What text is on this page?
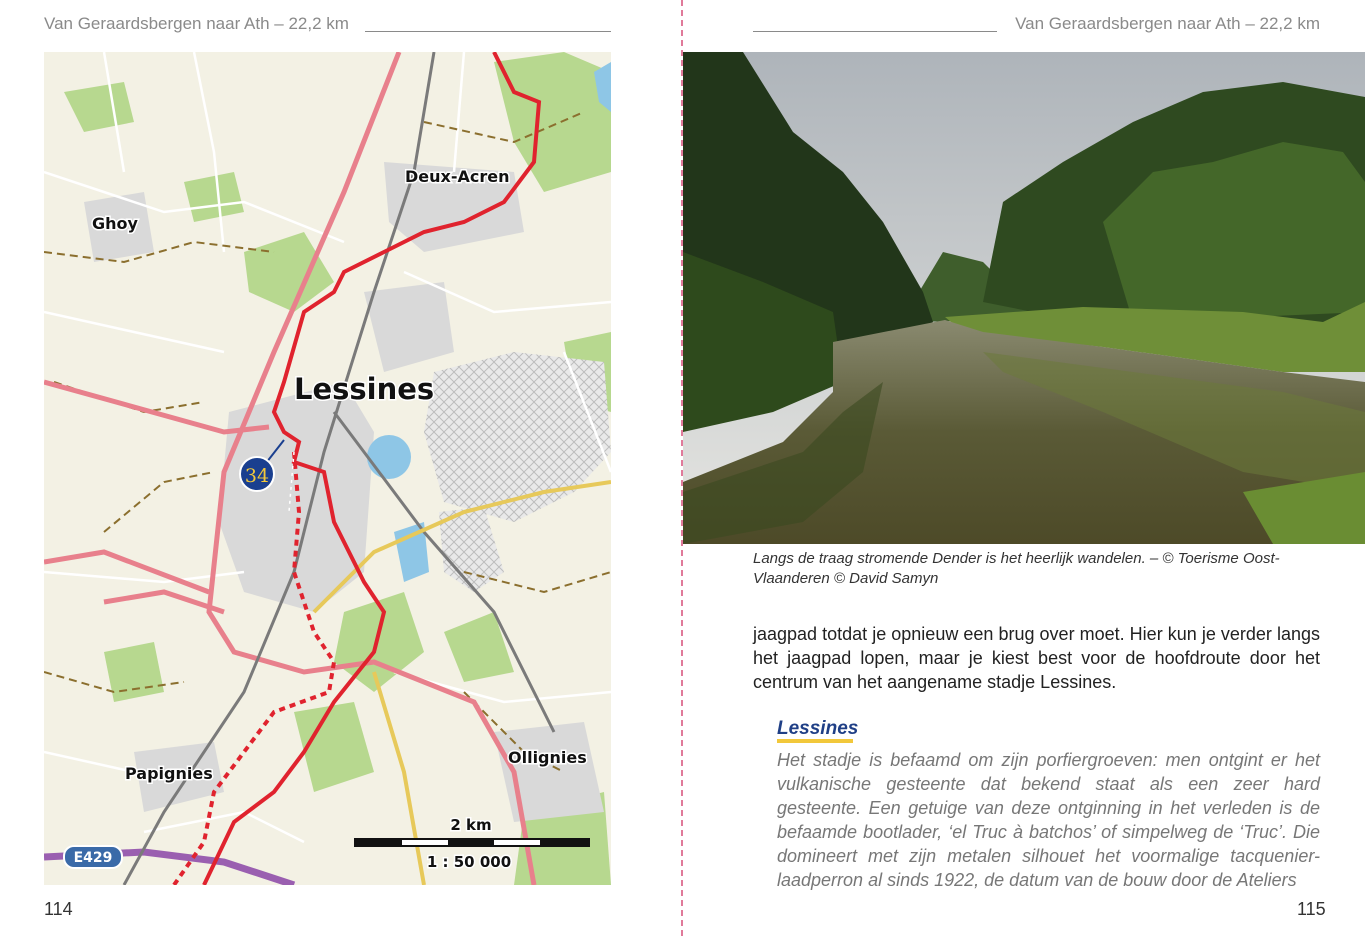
Van Geraardsbergen naar Ath – 22,2 km	Van Geraardsbergen naar Ath – 22,2 km
Deux-Acren
Ghoy
Lessines
Papignies
Ollignies
34
E429
2 km
1 : 50 000
Langs de traag stromende Dender is het heerlijk wandelen. – © Toerisme Oost-Vlaanderen © David Samyn
jaagpad totdat je opnieuw een brug over moet. Hier kun je verder langs het jaagpad lopen, maar je kiest best voor de hoofdroute door het centrum van het aangename stadje Lessines.
Lessines
Het stadje is befaamd om zijn porfiergroeven: men ontgint er het vulkanische gesteente dat bekend staat als een zeer hard gesteente. Een getuige van deze ontginning in het verleden is de befaamde bootlader, ‘el Truc à batchos’ of simpelweg de ‘Truc’. Die domineert met zijn metalen silhouet het voormalige tacquenier-laadperron al sinds 1922, de datum van de bouw door de Ateliers
114	115
